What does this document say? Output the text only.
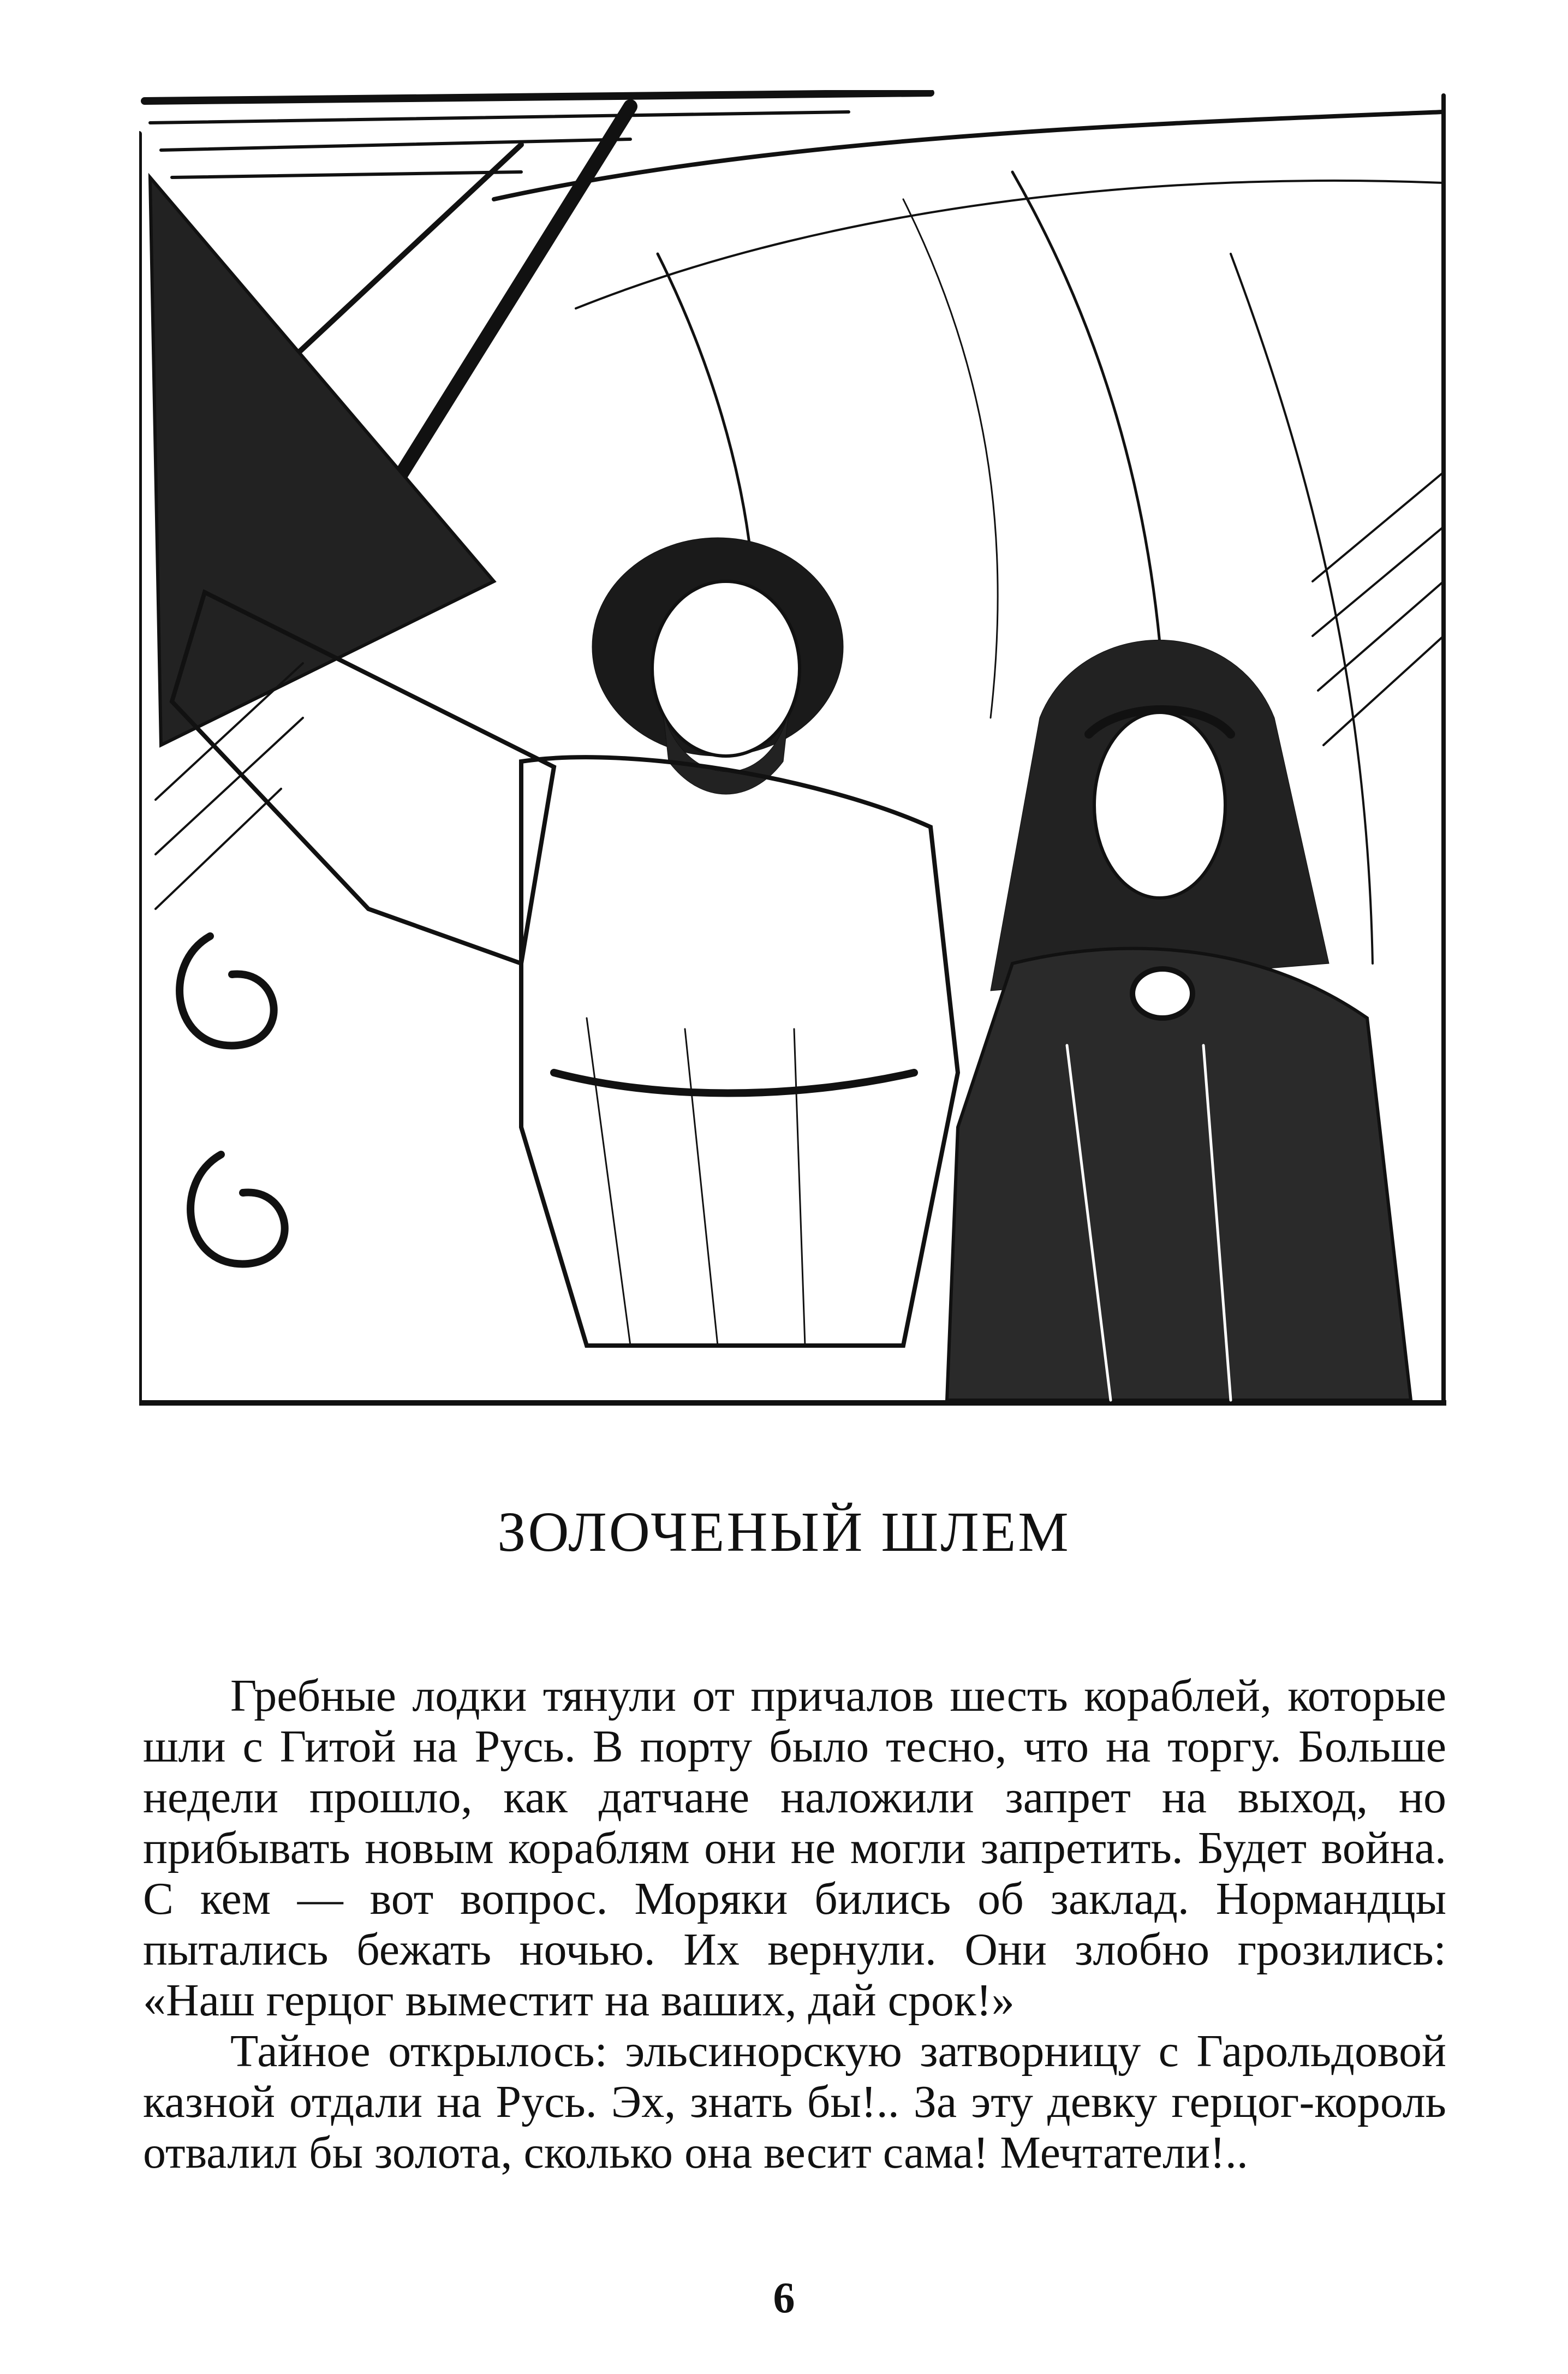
ЗОЛОЧЕНЫЙ ШЛЕМ

Гребные лодки тянули от причалов шесть кораблей, которые шли с Гитой на Русь. В порту было тесно, что на торгу. Больше недели прошло, как датчане наложили запрет на выход, но прибывать новым кораблям они не могли запретить. Будет война. С кем — вот вопрос. Моряки бились об заклад. Нормандцы пытались бежать ночью. Их вернули. Они злобно грозились: «Наш герцог выместит на ваших, дай срок!»

Тайное открылось: эльсинорскую затворницу с Гарольдовой казной отдали на Русь. Эх, знать бы!.. За эту девку герцог-король отвалил бы золота, сколько она весит сама! Мечтатели!..

6
